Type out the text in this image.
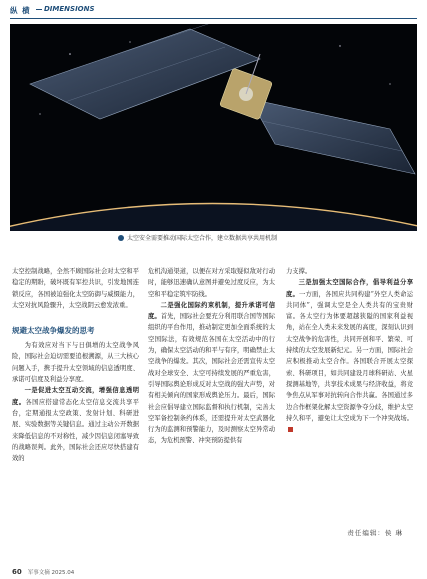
纵 横 DIMENSIONS
太空安全需要推动国际太空合作，建立数据共享共用机制

太空控制战略，全然不顾国际社会对太空和平稳定的期盼，破坏既有军控共识，引发地国连锁反应，各国被迫强化太空防御与威慑能力，太空对抗风险骤升，太空战阴云愈发浓重。

规避太空战争爆发的思考

为有效应对当下与日俱增的太空战争风险，国际社会迫切需要追根溯源，从三大核心问题入手，携手提升太空领域的信息透明度、承诺可信度及利益分享度。

一是促进太空互动交流，增强信息透明度。各国应搭建常态化太空信息交流共享平台，定期通报太空政策、发射计划、科研进展、实验数据等关键信息。通过主动公开数据来降低信息的不对称性，减少因信息闭塞导致的战略误判。此外，国际社会还应尽快搭建有效的

危机沟通渠道，以便在对方采取疑似敌对行动时，能够迅速确认意图并避免过度反应，为太空和平稳定筑牢防线。

二是强化国际约束机制，提升承诺可信度。首先，国际社会要充分利用联合国等国际组织的平台作用，推动制定更加全面系统的太空国际法，有效规范各国在太空活动中的行为，确保太空活动的和平与有序，明确禁止太空战争的爆发。其次，国际社会还需宣传太空战对全球安全、太空可持续发展的严重危害，引导国际舆论形成反对太空战的强大声势，对有相关倾向的国家形成舆论压力。最后，国际社会应倡导建立国际监督和执行机制，完善太空军备控制条约体系，还需提升对太空武器化行为的监测和预警能力，及时测察太空异常动态，为危机预警、冲突预防提供有

力支撑。

三是加强太空国际合作，倡导利益分享度。一方面，各国应共同构建“外空人类命运共同体”，强调太空是全人类共有的宝贵财富。各太空行为体要超越狭隘的国家利益视角，站在全人类未来发展的高度，深刻认识到太空战争的危害性，共同开创和平、繁荣、可持续的太空发展新纪元。另一方面，国际社会应积极推动太空合作。各国联合开展太空探索、科研项目，如共同建设月球科研站、火星探测基地等，共享技术成果与经济收益，将竞争焦点从军事对抗转向合作共赢。各国通过多边合作框架化解太空资源争夺分歧，维护太空持久和平，避免让太空成为下一个冲突战场。

责任编辑：侯 琳
60 军事文摘 2025.04
